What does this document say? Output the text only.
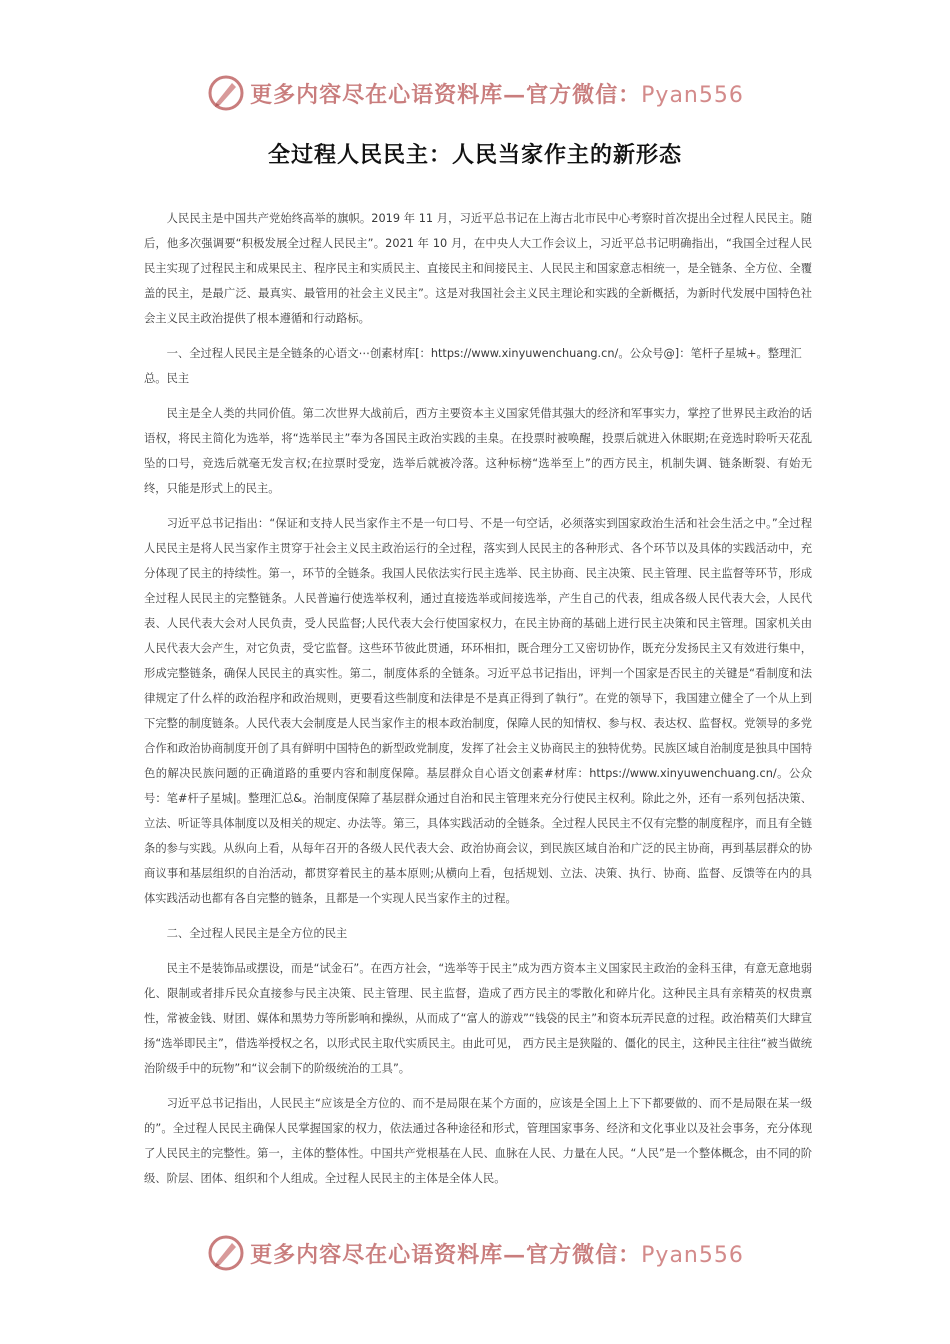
更多内容尽在心语资料库—官方微信：Pyan556
全过程人民民主：人民当家作主的新形态

人民民主是中国共产党始终高举的旗帜。2019 年 11 月，习近平总书记在上海古北市民中心考察时首次提出全过程人民民主。随后，他多次强调要“积极发展全过程人民民主”。2021 年 10 月，在中央人大工作会议上，习近平总书记明确指出，“我国全过程人民民主实现了过程民主和成果民主、程序民主和实质民主、直接民主和间接民主、人民民主和国家意志相统一，是全链条、全方位、全覆盖的民主，是最广泛、最真实、最管用的社会主义民主”。这是对我国社会主义民主理论和实践的全新概括，为新时代发展中国特色社会主义民主政治提供了根本遵循和行动路标。

一、全过程人民民主是全链条的心语文⋯创素材库[：https://www.xinyuwenchuang.cn/。公众号@]：笔杆子星城+。整理汇总。民主

民主是全人类的共同价值。第二次世界大战前后，西方主要资本主义国家凭借其强大的经济和军事实力，掌控了世界民主政治的话语权，将民主简化为选举，将“选举民主”奉为各国民主政治实践的圭臬。在投票时被唤醒，投票后就进入休眠期;在竞选时聆听天花乱坠的口号，竞选后就毫无发言权;在拉票时受宠，选举后就被冷落。这种标榜“选举至上”的西方民主，机制失调、链条断裂、有始无终，只能是形式上的民主。

习近平总书记指出：“保证和支持人民当家作主不是一句口号、不是一句空话，必须落实到国家政治生活和社会生活之中。”全过程人民民主是将人民当家作主贯穿于社会主义民主政治运行的全过程，落实到人民民主的各种形式、各个环节以及具体的实践活动中，充分体现了民主的持续性。第一，环节的全链条。我国人民依法实行民主选举、民主协商、民主决策、民主管理、民主监督等环节，形成全过程人民民主的完整链条。人民普遍行使选举权利，通过直接选举或间接选举，产生自己的代表，组成各级人民代表大会，人民代表、人民代表大会对人民负责，受人民监督;人民代表大会行使国家权力，在民主协商的基础上进行民主决策和民主管理。国家机关由人民代表大会产生，对它负责，受它监督。这些环节彼此贯通，环环相扣，既合理分工又密切协作，既充分发扬民主又有效进行集中，形成完整链条，确保人民民主的真实性。第二，制度体系的全链条。习近平总书记指出，评判一个国家是否民主的关键是“看制度和法律规定了什么样的政治程序和政治规则，更要看这些制度和法律是不是真正得到了執行”。在党的领导下，我国建立健全了一个从上到下完整的制度链条。人民代表大会制度是人民当家作主的根本政治制度，保障人民的知情权、参与权、表达权、监督权。党领导的多党合作和政治协商制度开创了具有鲜明中国特色的新型政党制度，发挥了社会主义协商民主的独特优势。民族区域自治制度是独具中国特色的解决民族问题的正确道路的重要内容和制度保障。基层群众自心语文创素#材库：https://www.xinyuwenchuang.cn/。公众号：笔#杆子星城|。整理汇总&。治制度保障了基层群众通过自治和民主管理来充分行使民主权利。除此之外，还有一系列包括决策、立法、听证等具体制度以及相关的规定、办法等。第三，具体实践活动的全链条。全过程人民民主不仅有完整的制度程序，而且有全链条的参与实践。从纵向上看，从每年召开的各级人民代表大会、政治协商会议，到民族区域自治和广泛的民主协商，再到基层群众的协商议事和基层组织的自治活动，都贯穿着民主的基本原则;从横向上看，包括规划、立法、决策、执行、协商、监督、反馈等在内的具体实践活动也都有各自完整的链条，且都是一个实现人民当家作主的过程。

二、全过程人民民主是全方位的民主

民主不是装饰品或摆设，而是“试金石”。在西方社会，“选举等于民主”成为西方资本主义国家民主政治的金科玉律，有意无意地弱化、限制或者排斥民众直接参与民主决策、民主管理、民主监督，造成了西方民主的零散化和碎片化。这种民主具有亲精英的权贵禀性，常被金钱、财团、媒体和黑势力等所影响和操纵，从而成了“富人的游戏”“钱袋的民主”和资本玩弄民意的过程。政治精英们大肆宣扬“选举即民主”，借选举授权之名，以形式民主取代实质民主。由此可见， 西方民主是狭隘的、僵化的民主，这种民主往往“被当做统治阶级手中的玩物”和“议会制下的阶级统治的工具”。

习近平总书记指出，人民民主“应该是全方位的、而不是局限在某个方面的，应该是全国上上下下都要做的、而不是局限在某一级的”。全过程人民民主确保人民掌握国家的权力，依法通过各种途径和形式，管理国家事务、经济和文化事业以及社会事务，充分体现了人民民主的完整性。第一，主体的整体性。中国共产党根基在人民、血脉在人民、力量在人民。“人民”是一个整体概念，由不同的阶级、阶层、团体、组织和个人组成。全过程人民民主的主体是全体人民。

更多内容尽在心语资料库—官方微信：Pyan556
